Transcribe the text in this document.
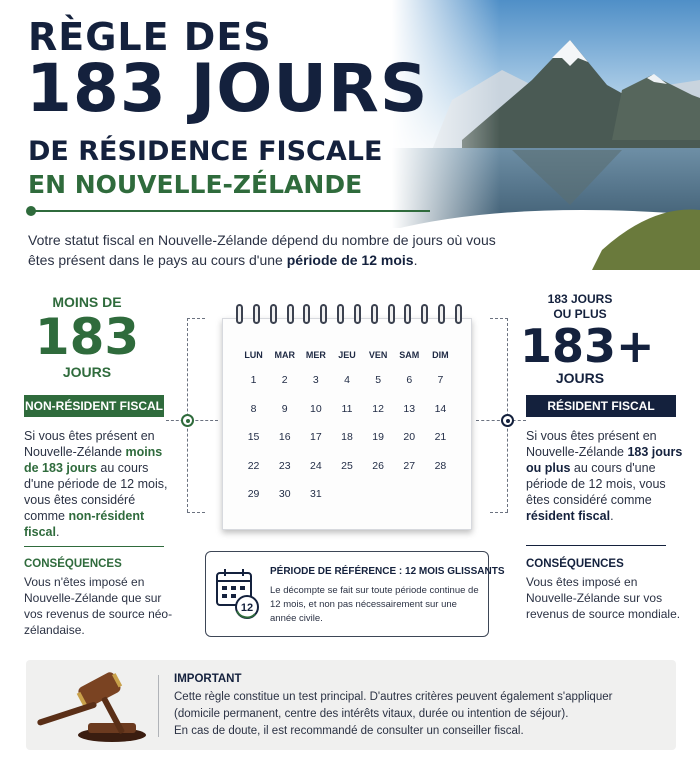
RÈGLE DES
183 JOURS
DE RÉSIDENCE FISCALE
EN NOUVELLE-ZÉLANDE
Votre statut fiscal en Nouvelle-Zélande dépend du nombre de jours où vous êtes présent dans le pays au cours d'une période de 12 mois.
MOINS DE
183
JOURS
NON-RÉSIDENT FISCAL
Si vous êtes présent en Nouvelle-Zélande moins de 183 jours au cours d'une période de 12 mois, vous êtes considéré comme non-résident fiscal.
CONSÉQUENCES
Vous n'êtes imposé en Nouvelle-Zélande que sur vos revenus de source néo-zélandaise.
183 JOURS OU PLUS
183+
JOURS
RÉSIDENT FISCAL
Si vous êtes présent en Nouvelle-Zélande 183 jours ou plus au cours d'une période de 12 mois, vous êtes considéré comme résident fiscal.
CONSÉQUENCES
Vous êtes imposé en Nouvelle-Zélande sur vos revenus de source mondiale.
LUN	MAR	MER	JEU	VEN	SAM	DIM
1	2	3	4	5	6	7
8	9	10	11	12	13	14
15	16	17	18	19	20	21
22	23	24	25	26	27	28
29	30	31
12
PÉRIODE DE RÉFÉRENCE : 12 MOIS GLISSANTS
Le décompte se fait sur toute période continue de 12 mois, et non pas nécessairement sur une année civile.
IMPORTANT
Cette règle constitue un test principal. D'autres critères peuvent également s'appliquer
(domicile permanent, centre des intérêts vitaux, durée ou intention de séjour).
En cas de doute, il est recommandé de consulter un conseiller fiscal.
